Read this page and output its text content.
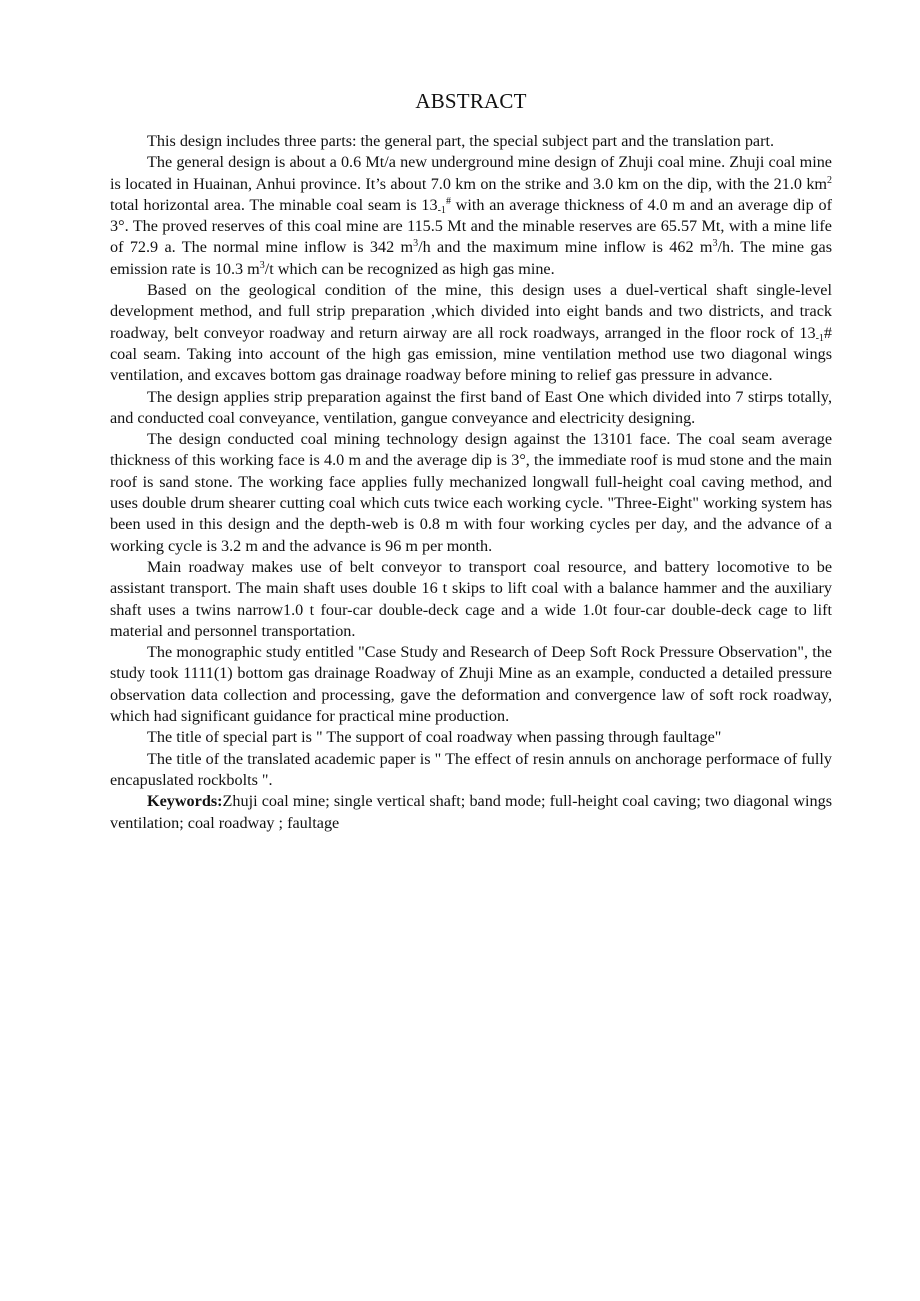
ABSTRACT

This design includes three parts: the general part, the special subject part and the translation part.

The general design is about a 0.6 Mt/a new underground mine design of Zhuji coal mine. Zhuji coal mine is located in Huainan, Anhui province. It’s about 7.0 km on the strike and 3.0 km on the dip, with the 21.0 $km^2$ total horizontal area. The minable coal seam is $13_{-1}^{\#}$ with an average thickness of 4.0 m and an average dip of 3°. The proved reserves of this coal mine are 115.5 Mt and the minable reserves are 65.57 Mt, with a mine life of 72.9 a. The normal mine inflow is 342 $m^3/h$ and the maximum mine inflow is 462 $m^3/h$. The mine gas emission rate is 10.3 $m^3/t$ which can be recognized as high gas mine.

Based on the geological condition of the mine, this design uses a duel-vertical shaft single-level development method, and full strip preparation ,which divided into eight bands and two districts, and track roadway, belt conveyor roadway and return airway are all rock roadways, arranged in the floor rock of $13_{-1}\#$ coal seam. Taking into account of the high gas emission, mine ventilation method use two diagonal wings ventilation, and excaves bottom gas drainage roadway before mining to relief gas pressure in advance.

The design applies strip preparation against the first band of East One which divided into 7 stirps totally, and conducted coal conveyance, ventilation, gangue conveyance and electricity designing.

The design conducted coal mining technology design against the 13101 face. The coal seam average thickness of this working face is 4.0 m and the average dip is 3°, the immediate roof is mud stone and the main roof is sand stone. The working face applies fully mechanized longwall full-height coal caving method, and uses double drum shearer cutting coal which cuts twice each working cycle. "Three-Eight" working system has been used in this design and the depth-web is 0.8 m with four working cycles per day, and the advance of a working cycle is 3.2 m and the advance is 96 m per month.

Main roadway makes use of belt conveyor to transport coal resource, and battery locomotive to be assistant transport. The main shaft uses double 16 t skips to lift coal with a balance hammer and the auxiliary shaft uses a twins narrow1.0 t four-car double-deck cage and a wide 1.0t four-car double-deck cage to lift material and personnel transportation.

The monographic study entitled "Case Study and Research of Deep Soft Rock Pressure Observation", the study took 1111(1) bottom gas drainage Roadway of Zhuji Mine as an example, conducted a detailed pressure observation data collection and processing, gave the deformation and convergence law of soft rock roadway, which had significant guidance for practical mine production.

The title of special part is " The support of coal roadway when passing through faultage"

The title of the translated academic paper is " The effect of resin annuls on anchorage performace of fully encapuslated rockbolts ".

Keywords:Zhuji coal mine; single vertical shaft; band mode; full-height coal caving; two diagonal wings ventilation; coal roadway ; faultage
